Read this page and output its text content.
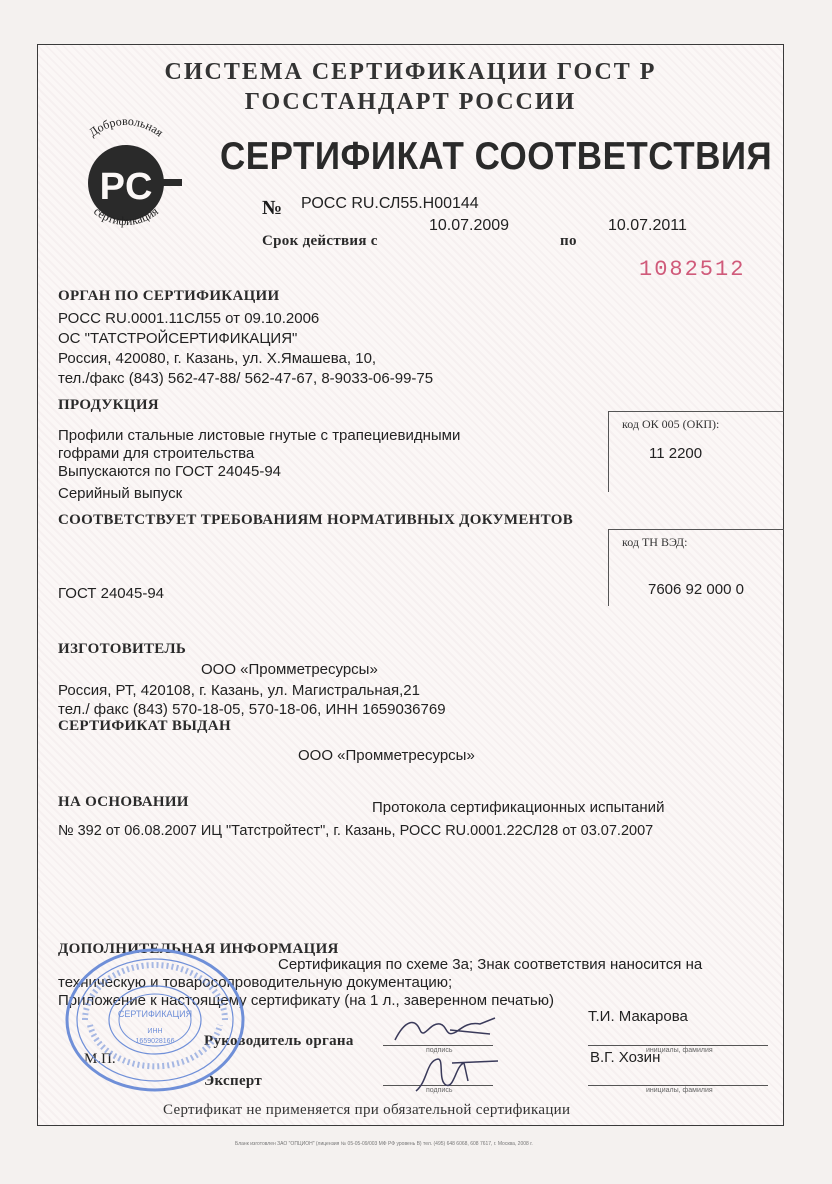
СИСТЕМА СЕРТИФИКАЦИИ ГОСТ Р
ГОССТАНДАРТ РОССИИ
Добровольная
PC
сертификация
СЕРТИФИКАТ СООТВЕТСТВИЯ
№ РОСС RU.СЛ55.Н00144
10.07.2009	10.07.2011
Срок действия с	по
1082512
ОРГАН ПО СЕРТИФИКАЦИИ
РОСС RU.0001.11СЛ55 от 09.10.2006
ОС "ТАТСТРОЙСЕРТИФИКАЦИЯ"
Россия, 420080, г. Казань, ул. Х.Ямашева, 10,
тел./факс (843) 562-47-88/ 562-47-67, 8-9033-06-99-75
ПРОДУКЦИЯ
Профили стальные листовые гнутые с трапециевидными
гофрами для строительства
Выпускаются по ГОСТ 24045-94
Серийный выпуск
код ОК 005 (ОКП):
11 2200
СООТВЕТСТВУЕТ ТРЕБОВАНИЯМ НОРМАТИВНЫХ ДОКУМЕНТОВ
код ТН ВЭД:
7606 92 000 0
ГОСТ 24045-94
ИЗГОТОВИТЕЛЬ
ООО «Промметресурсы»
Россия, РТ, 420108, г. Казань, ул. Магистральная,21
тел./ факс (843) 570-18-05, 570-18-06, ИНН 1659036769
СЕРТИФИКАТ ВЫДАН
ООО «Промметресурсы»
НА ОСНОВАНИИ	Протокола сертификационных испытаний
№ 392 от 06.08.2007 ИЦ "Татстройтест", г. Казань, РОСС RU.0001.22СЛ28 от 03.07.2007
ДОПОЛНИТЕЛЬНАЯ ИНФОРМАЦИЯ
Сертификация по схеме 3а; Знак соответствия наносится на
техническую и товаросопроводительную документацию;
Приложение к настоящему сертификату (на 1 л., заверенном печатью)
Т.И. Макарова
Руководитель органа
подпись	инициалы, фамилия
М.П.	В.Г. Хозин
Эксперт
подпись	инициалы, фамилия
Сертификат не применяется при обязательной сертификации
СЕРТИФИКАЦИЯ
ИНН
1659028166
Бланк изготовлен ЗАО "ОПЦИОН" (лицензия № 05-05-09/003 МФ РФ уровень В) тел. (495) 648 6068, 608 7617, г. Москва, 2008 г.
